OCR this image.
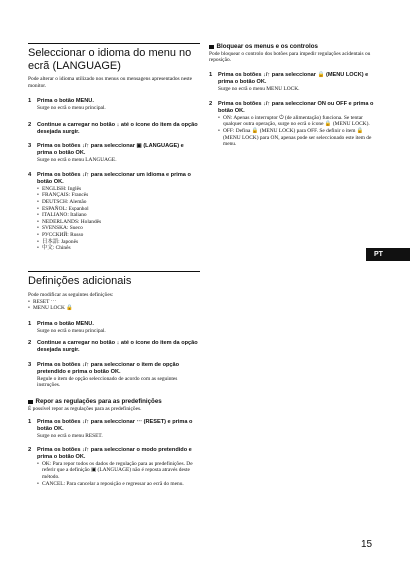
Seleccionar o idioma do menu no ecrã (LANGUAGE)
Pode alterar o idioma utilizado nos menus ou mensagens apresentados neste monitor.
1	Prima o botão MENU.
Surge no ecrã o menu principal.
2	Continue a carregar no botão ↓ até o ícone do item da opção desejada surgir.
3	Prima os botões ↓/↑ para seleccionar ▣ (LANGUAGE) e prima o botão OK.
Surge no ecrã o menu LANGUAGE.
4	Prima os botões ↓/↑ para seleccionar um idioma e prima o botão OK.
• ENGLISH: Inglês
• FRANÇAIS: Francês
• DEUTSCH: Alemão
• ESPAÑOL: Espanhol
• ITALIANO: Italiano
• NEDERLANDS: Holandês
• SVENSKA: Sueco
• РУССКИЙ: Russo
• 日本語: Japonês
• 中文: Chinês
Definições adicionais
Pode modificar as seguintes definições:
• RESET ⋯
• MENU LOCK 🔒
1	Prima o botão MENU.
Surge no ecrã o menu principal.
2	Continue a carregar no botão ↓ até o ícone do item da opção desejada surgir.
3	Prima os botões ↓/↑ para seleccionar o item de opção pretendido e prima o botão OK.
Regule o item de opção seleccionado de acordo com as seguintes instruções.
Repor as regulações para as predefinições
É possível repor as regulações para as predefinições.
1	Prima os botões ↓/↑ para seleccionar ⋯ (RESET) e prima o botão OK.
Surge no ecrã o menu RESET.
2	Prima os botões ↓/↑ para seleccionar o modo pretendido e prima o botão OK.
• OK: Para repor todos os dados de regulação para as predefinições. De referir que a definição ▣ (LANGUAGE) não é reposta através deste método.
• CANCEL: Para cancelar a reposição e regressar ao ecrã do menu.
Bloquear os menus e os controlos
Pode bloquear o controlo dos botões para impedir regulações acidentais ou reposição.
1	Prima os botões ↓/↑ para seleccionar 🔒 (MENU LOCK) e prima o botão OK.
Surge no ecrã o menu MENU LOCK.
2	Prima os botões ↓/↑ para seleccionar ON ou OFF e prima o botão OK.
• ON: Apenas o interruptor ⏻ (de alimentação) funciona. Se tentar qualquer outra operação, surge no ecrã o ícone 🔒 (MENU LOCK).
• OFF: Defina 🔒 (MENU LOCK) para OFF. Se definir o item 🔒 (MENU LOCK) para ON, apenas pode ser seleccionado este item de menu.
PT
15
